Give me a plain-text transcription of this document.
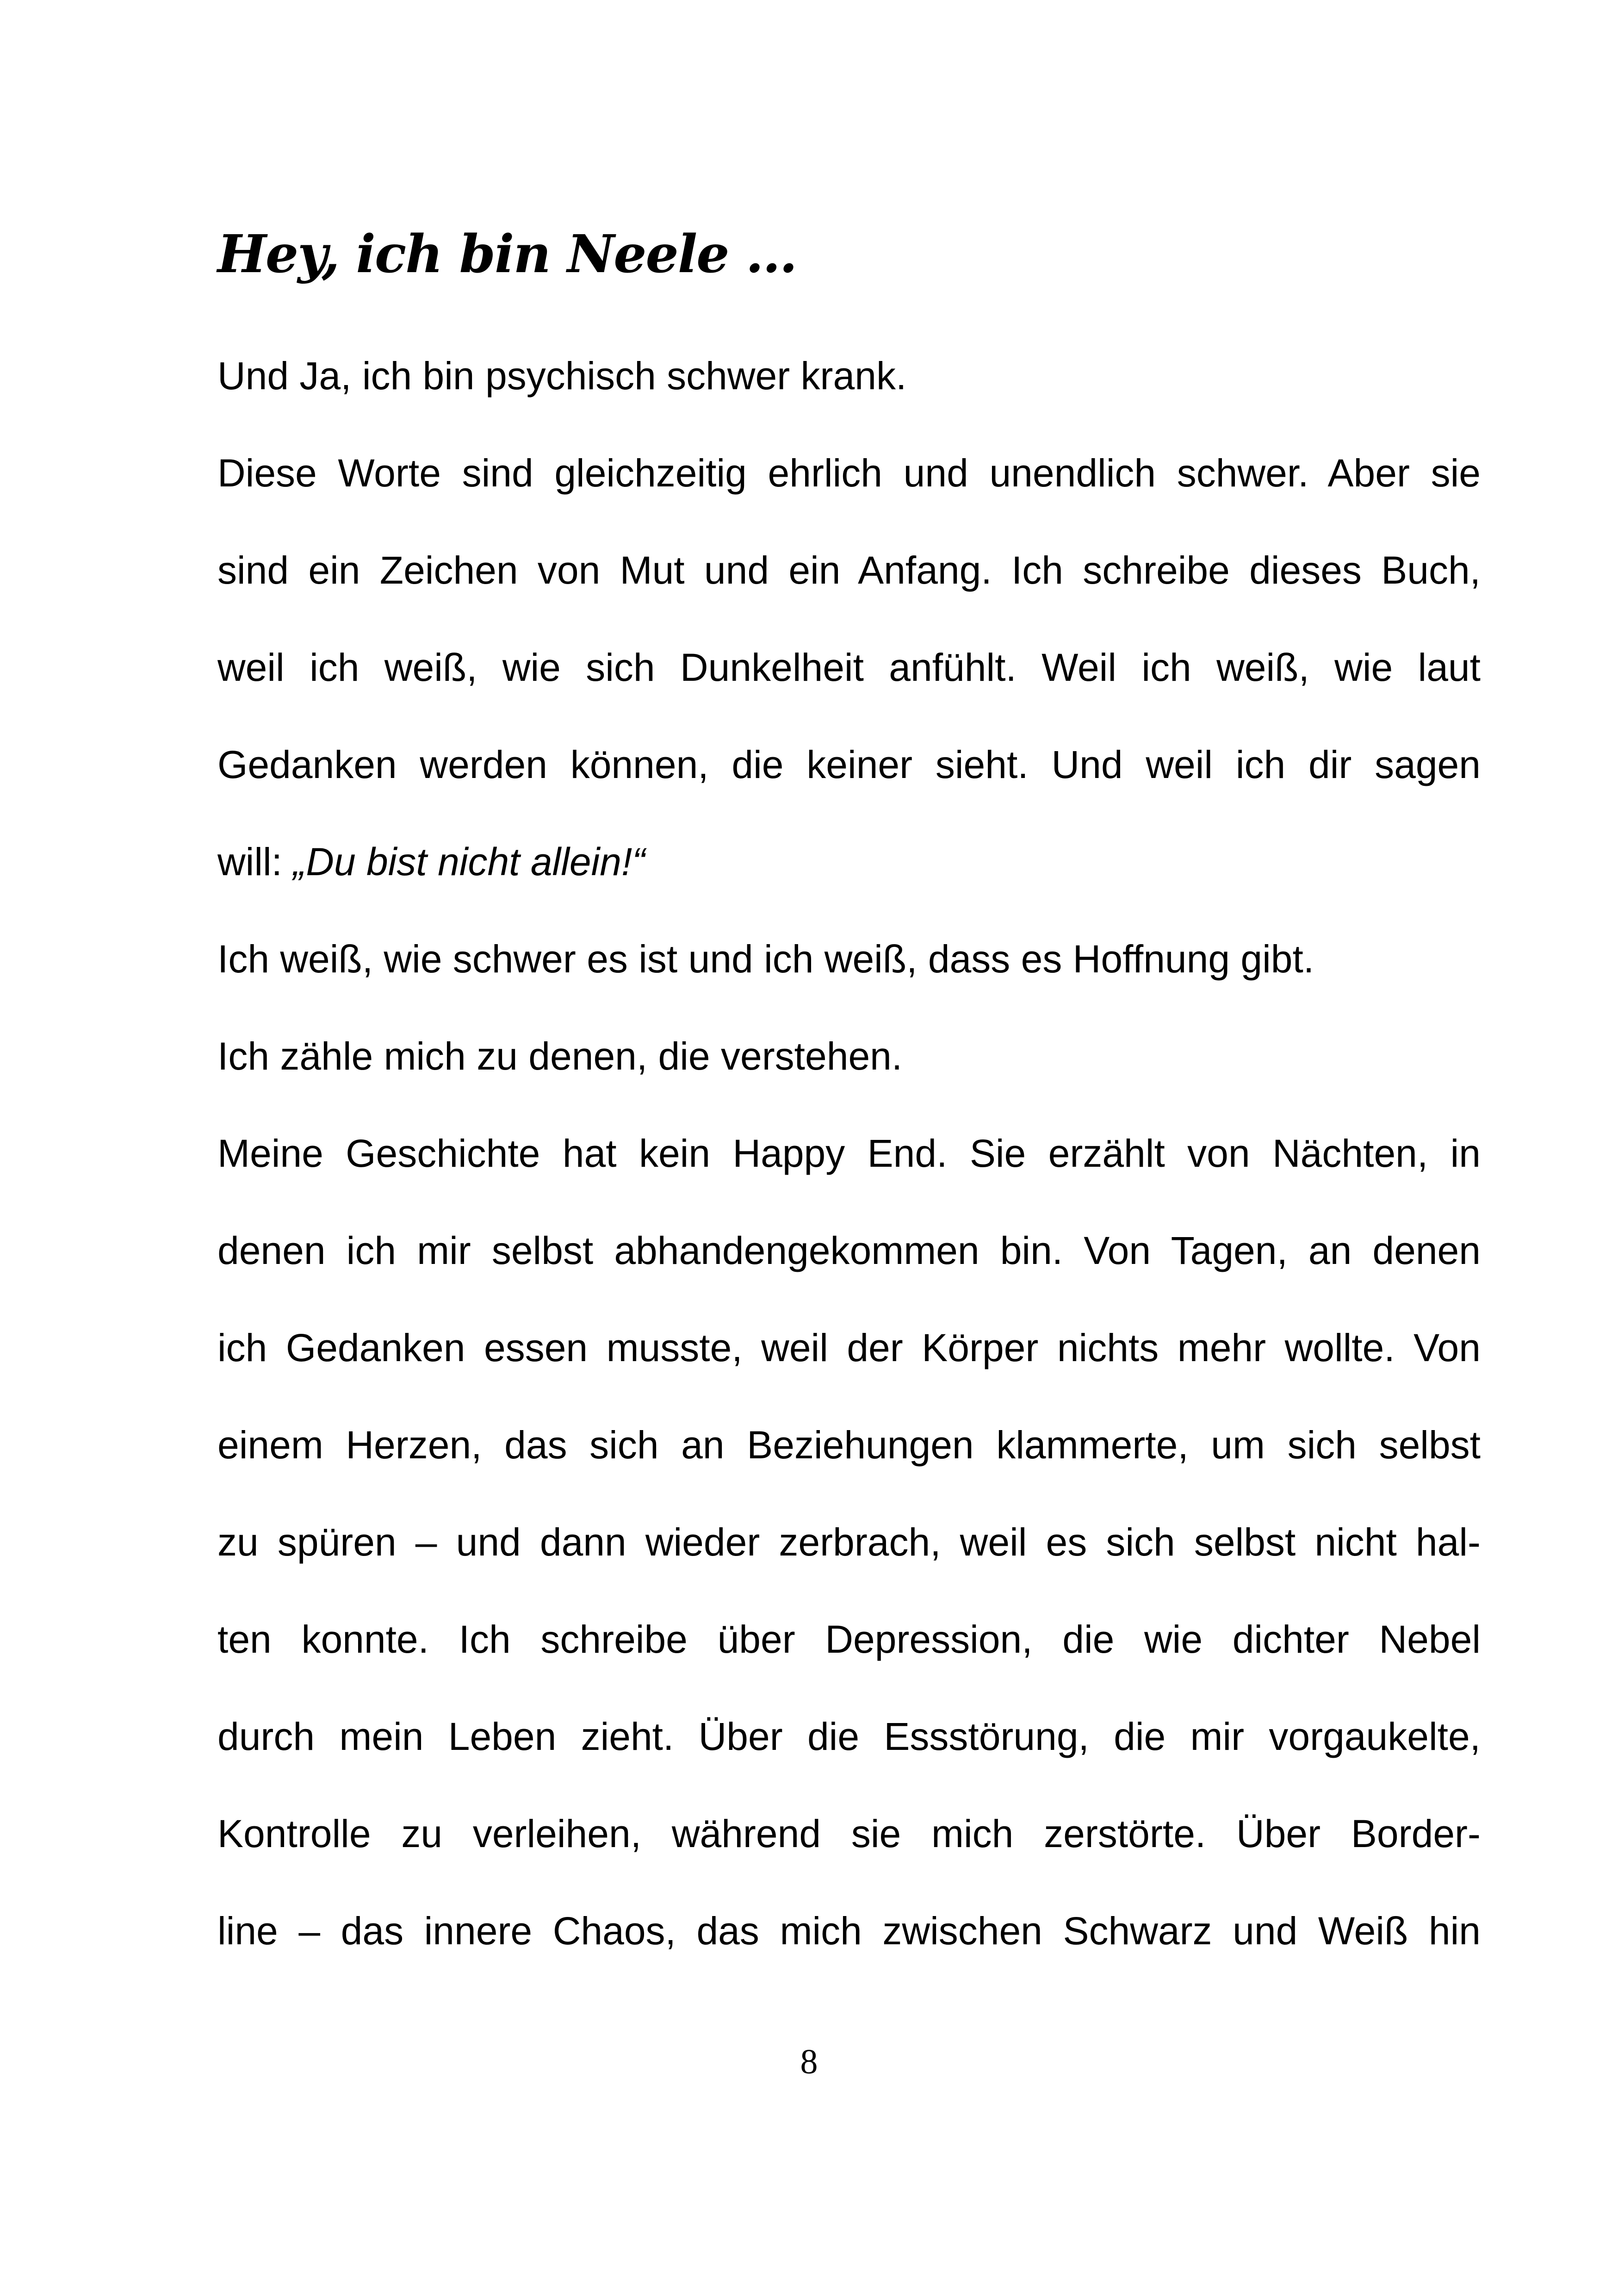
Hey, ich bin Neele …
Und Ja, ich bin psychisch schwer krank.
Diese Worte sind gleichzeitig ehrlich und unendlich schwer. Aber sie
sind ein Zeichen von Mut und ein Anfang. Ich schreibe dieses Buch,
weil ich weiß, wie sich Dunkelheit anfühlt. Weil ich weiß, wie laut
Gedanken werden können, die keiner sieht. Und weil ich dir sagen
will: „Du bist nicht allein!“
Ich weiß, wie schwer es ist und ich weiß, dass es Hoffnung gibt.
Ich zähle mich zu denen, die verstehen.
Meine Geschichte hat kein Happy End. Sie erzählt von Nächten, in
denen ich mir selbst abhandengekommen bin. Von Tagen, an denen
ich Gedanken essen musste, weil der Körper nichts mehr wollte. Von
einem Herzen, das sich an Beziehungen klammerte, um sich selbst
zu spüren – und dann wieder zerbrach, weil es sich selbst nicht hal-
ten konnte. Ich schreibe über Depression, die wie dichter Nebel
durch mein Leben zieht. Über die Essstörung, die mir vorgaukelte,
Kontrolle zu verleihen, während sie mich zerstörte. Über Border-
line – das innere Chaos, das mich zwischen Schwarz und Weiß hin
8
